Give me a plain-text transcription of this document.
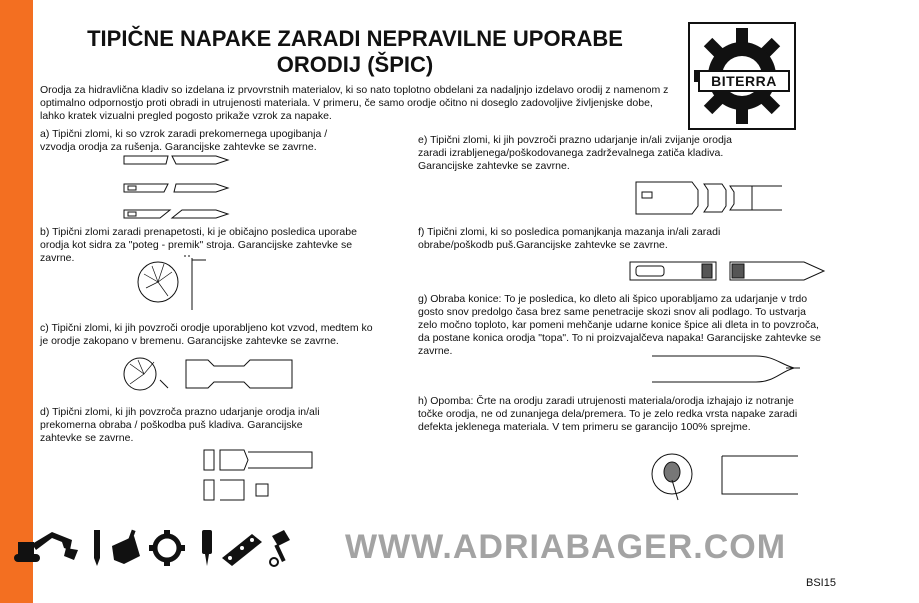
TIPIČNE NAPAKE ZARADI NEPRAVILNE UPORABE
ORODIJ (ŠPIC)
BITERRA
Orodja za hidravlična kladiv so izdelana iz prvovrstnih materialov, ki so nato toplotno obdelani za nadaljnjo izdelavo orodij z namenom z optimalno odpornostjo proti obradi in utrujenosti materiala. V primeru, če samo orodje očitno ni doseglo zadovoljive življenjske dobe, lahko kratek vizualni pregled pogosto prikaže vzrok za napake.
a) Tipični zlomi, ki so vzrok zaradi prekomernega upogibanja / vzvodja orodja za rušenja. Garancijske zahtevke se zavrne.
b) Tipični zlomi zaradi prenapetosti, ki je običajno posledica uporabe orodja kot sidra za "poteg - premik" stroja. Garancijske zahtevke se zavrne.
c) Tipični zlomi, ki jih povzroči orodje uporabljeno kot vzvod, medtem ko je orodje zakopano v bremenu. Garancijske zahtevke se zavrne.
d) Tipični zlomi, ki jih povzroča prazno udarjanje orodja in/ali prekomerna obraba / poškodba puš kladiva. Garancijske zahtevke se zavrne.
e) Tipični zlomi, ki jih povzroči prazno udarjanje in/ali zvijanje orodja zaradi izrabljenega/poškodovanega zadrževalnega zatiča kladiva. Garancijske zahtevke se zavrne.
f) Tipični zlomi, ki so posledica pomanjkanja mazanja in/ali zaradi obrabe/poškodb puš.Garancijske zahtevke se zavrne.
g) Obraba konice: To je posledica, ko dleto ali špico uporabljamo za udarjanje v trdo gosto snov predolgo časa brez same penetracije skozi snov ali podlago. To ustvarja zelo močno toploto, kar pomeni mehčanje udarne konice špice ali dleta in to povzroča, da postane konica orodja "topa". To ni proizvajalčeva napaka! Garancijske zahtevke se zavrne.
h) Opomba: Črte na orodju zaradi utrujenosti materiala/orodja izhajajo iz notranje točke orodja, ne od zunanjega dela/premera. To je zelo redka vrsta napake zaradi defekta jeklenega materiala. V tem primeru se garancijo 100% sprejme.
WWW.ADRIABAGER.COM
BSI15
